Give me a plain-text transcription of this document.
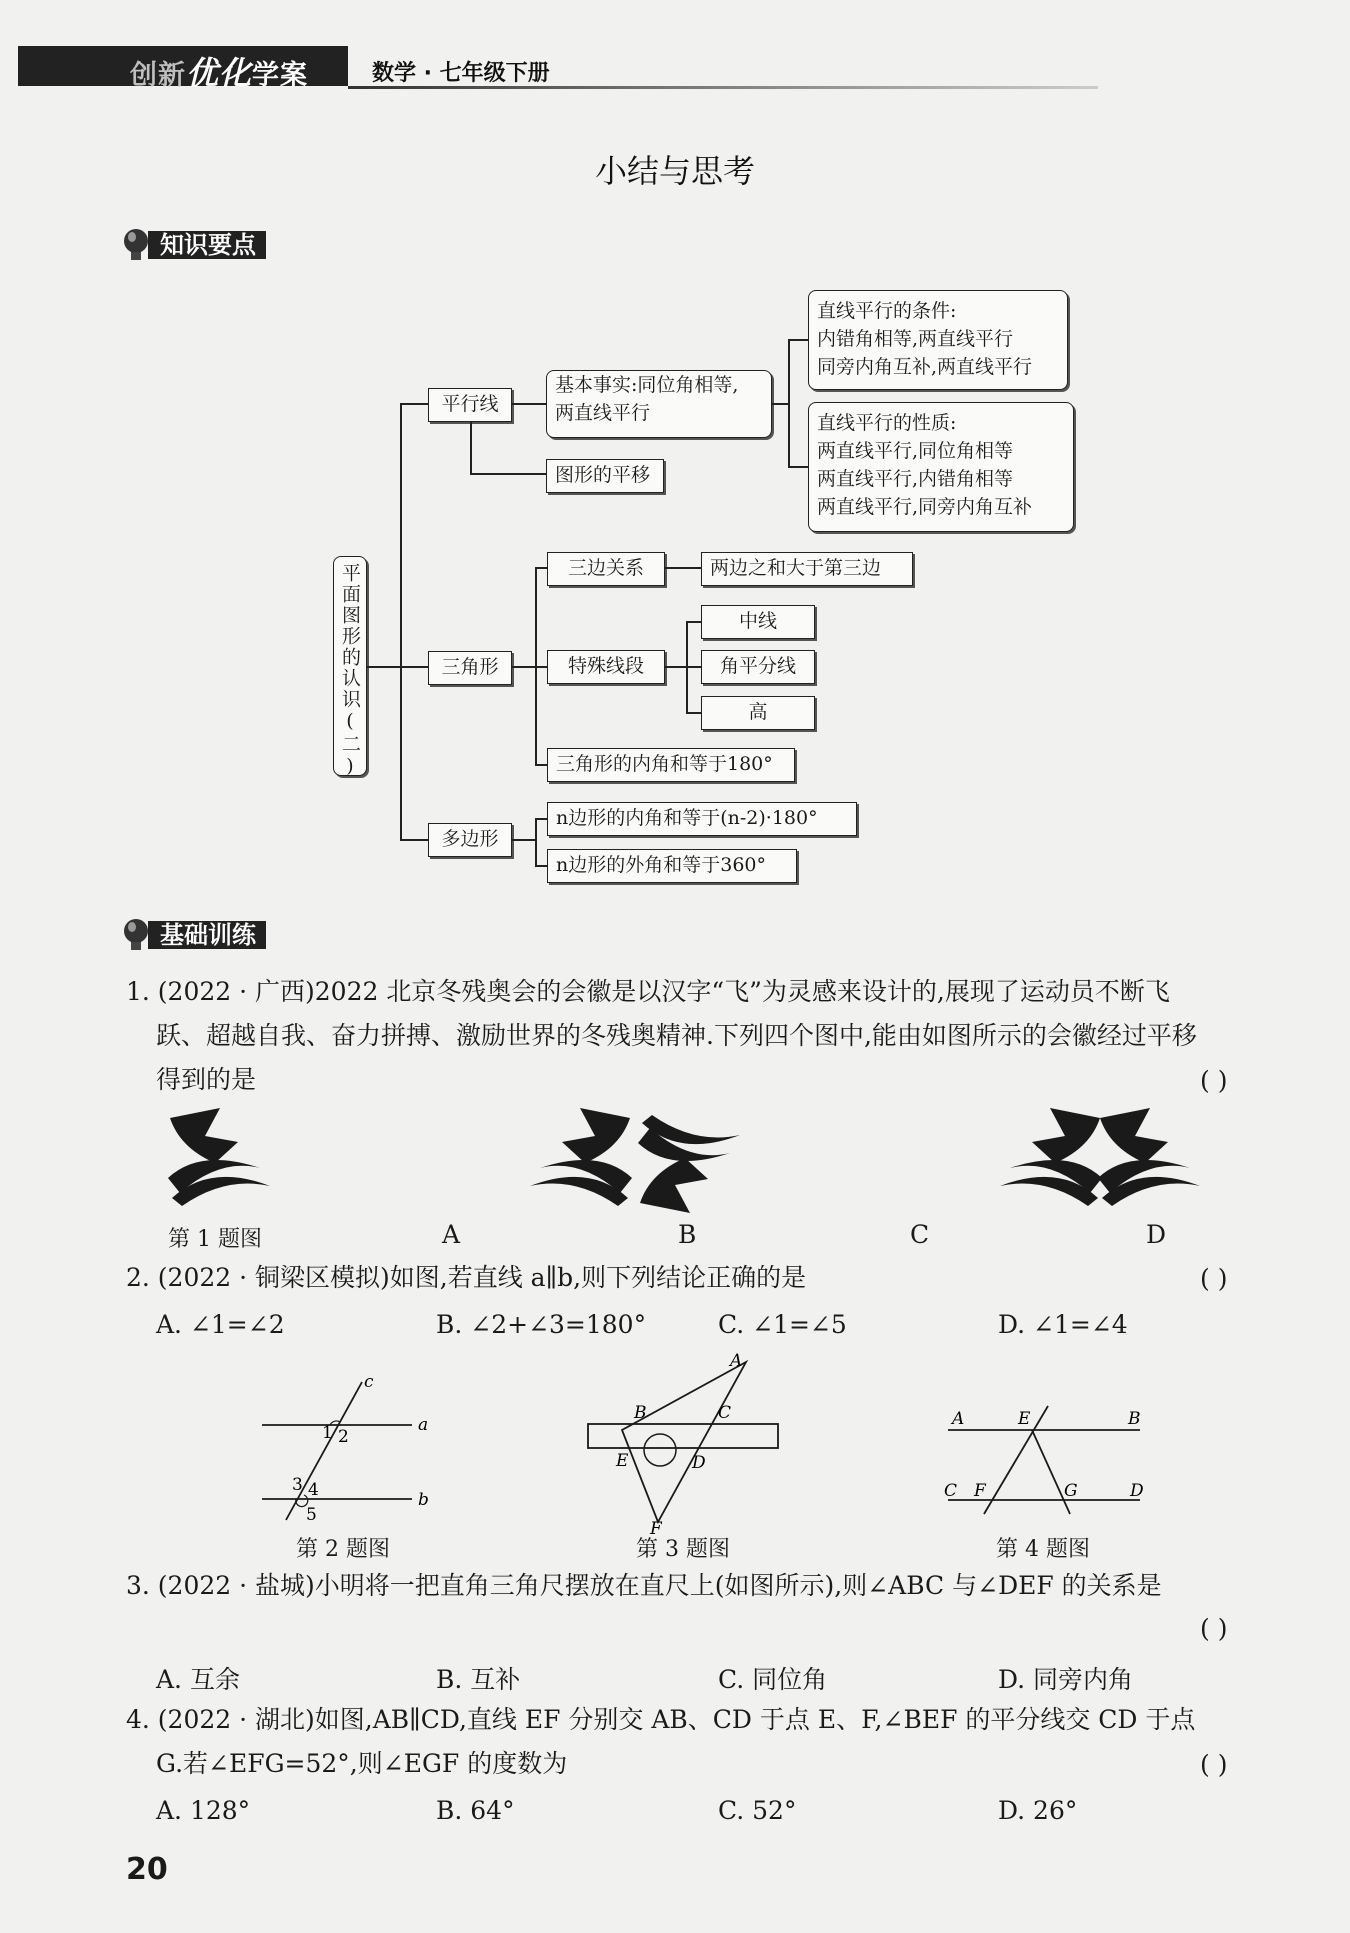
创新优化学案	数学 · 七年级下册
小结与思考
知识要点
平面图形的认识(二)
平行线
三角形
多边形
基本事实:同位角相等,
两直线平行
图形的平移
直线平行的条件:
内错角相等,两直线平行
同旁内角互补,两直线平行
直线平行的性质:
两直线平行,同位角相等
两直线平行,内错角相等
两直线平行,同旁内角互补
三边关系	两边之和大于第三边
特殊线段
中线
角平分线
高
三角形的内角和等于180°
n边形的内角和等于(n-2)·180°
n边形的外角和等于360°
基础训练
1. (2022 · 广西)2022 北京冬残奥会的会徽是以汉字“飞”为灵感来设计的,展现了运动员不断飞
跃、超越自我、奋力拼搏、激励世界的冬残奥精神.下列四个图中,能由如图所示的会徽经过平移
得到的是	( )
第 1 题图	A	B	C	D
2. (2022 · 铜梁区模拟)如图,若直线 a∥b,则下列结论正确的是	( )
A. ∠1=∠2	B. ∠2+∠3=180°	C. ∠1=∠5	D. ∠1=∠4
c
a
b
1 2
3 4
5
第 2 题图
A
B	C
E	D
F
第 3 题图
A	E	B
C F	G	D
第 4 题图
3. (2022 · 盐城)小明将一把直角三角尺摆放在直尺上(如图所示),则∠ABC 与∠DEF 的关系是
( )
A. 互余	B. 互补	C. 同位角	D. 同旁内角
4. (2022 · 湖北)如图,AB∥CD,直线 EF 分别交 AB、CD 于点 E、F,∠BEF 的平分线交 CD 于点
G.若∠EFG=52°,则∠EGF 的度数为	( )
A. 128°	B. 64°	C. 52°	D. 26°
20
